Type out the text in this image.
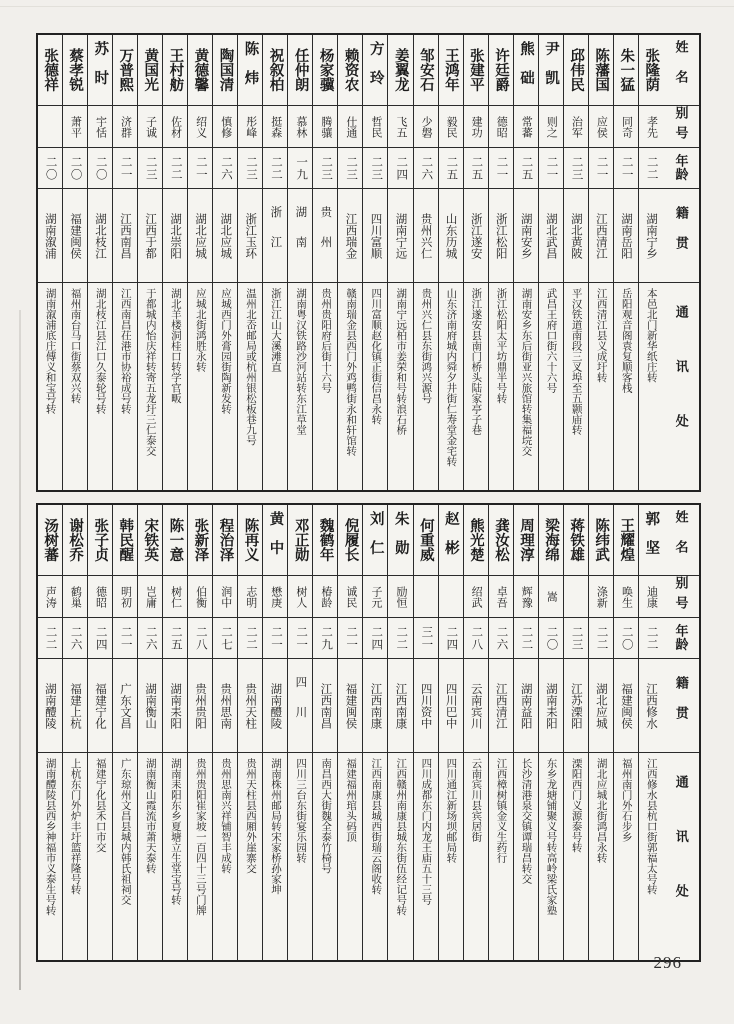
姓名
别号
年龄
籍贯
通讯处
张隆荫
孝先
二二
湖南宁乡
本邑北门新华纸庄转
朱一猛
同奇
二一
湖南岳阳
岳阳观音阁袁复顺客栈
陈藩国
应侯
二一
江西清江
江西清江县义成圩转
邱伟民
治军
二三
湖北黄陂
平汉铁道南段三叉埠至五颢庙转
尹凯
则之
二一
湖北武昌
武昌王府口街六十六号
熊础
常蕃
二五
湖南安乡
湖南安乡东后街亚兴旅馆转集福垸交
许廷爵
德昭
二一
浙江松阳
浙江松阳太平坊鼎半号转
张建平
建功
二五
浙江遂安
浙江遂安县南门桥头陆家亭子巷
王鸿年
毅民
二五
山东历城
山东济南府城内舜夕井街仁寿堂金宅转
邹安石
少磐
二六
贵州兴仁
贵州兴仁县东街鸿兴源号
姜翼龙
飞五
二四
湖南宁远
湖南宁远柏市姜荣和号转浪石桥
方玲
哲民
二三
四川富顺
四川富顺赵化镇正街信昌永转
赖资农
仕通
二三
江西瑞金
赣南瑞金县西门外鸡鸭街永和轩馆转
杨家骥
腾骧
二三
贵州
贵州贵阳府后街十六号
任仲朗
慕林
一九
湖南
湖南粤汉铁路沙河站转东江草堂
祝叙柏
挺森
二二
浙江
浙江江山大溪滩直
陈炜
彤峰
二三
浙江玉环
温州北岙邮局或杭州银松板巷九号
陶国清
慎修
二六
湖北应城
应城西门外膏园街陶新发转
黄德馨
绍义
二一
湖北应城
应城北街鸿胜永转
王村舫
佐材
二二
湖北崇阳
湖北羊楼洞桂口转学官畈
黄国光
子诚
二三
江西于都
于都城内怡庆祥转寄五龙圩三仁泰交
万普熙
济群
二一
江西南昌
江西南昌茌港市协裕成号转
苏时
宇恬
二〇
湖北枝江
湖北枝江县江口久泰轮号转
蔡孝锐
萧平
二〇
福建闽侯
福州南台马口街蔡双兴转
张德祥
二〇
湖南溆浦
湖南溆浦底庄傅义和宝号转
姓名
别号
年龄
籍贯
通讯处
郭坚
迪康
二二
江西修水
江西修水县杭口街郭福太号转
王耀煌
唤生
二〇
福建闽侯
福州南门外石步乡
陈纬武
涤新
二二
湖北应城
湖北应城北街鸿昌永转
蒋铁雄
二三
江苏溧阳
溧阳西门义源泰号转
梁海绵
嵩
二〇
湖南耒阳
东乡龙塘铺聚义号转高岭梁氏家塾
周理淳
辉豫
二二
湖南益阳
长沙清港泉交镇谭瑞昌转交
龚汝松
卓吾
二六
江西清江
江西樟树镇金义生药行
熊光楚
绍武
二八
云南宾川
云南宾川县宾居街
赵彬
二四
四川巴中
四川通江新场坝邮局转
何重威
三一
四川资中
四川成都东门内龙王庙五十三号
朱勋
励恒
二二
江西南康
江西赣州南康县城东街伍经记号转
刘仁
子元
二四
江西南康
江西南康县城西街瑞云阁收转
倪履长
诚民
二一
福建闽侯
福建福州琯头码顶
魏鹤年
椿龄
二九
江西南昌
南昌西大街魏全泰竹椅号
邓正勋
树人
二一
四川
四川三台东街宴乐园转
黄中
懋庚
二一
湖南醴陵
湖南株州邮局转宋家桥孙家坤
陈再义
志明
二二
贵州天柱
贵州天柱县西厢外崖寨交
程治泽
润中
二七
贵州思南
贵州思南兴祥铺智丰成转
张新泽
伯衡
二八
贵州贵阳
贵州贵阳崔家坡一百四十三号门牌
陈一意
树仁
二五
湖南耒阳
湖南耒阳东乡夏塘立生堂宝号转
宋铁英
岂庸
二六
湖南衡山
湖南衡山霞流市萧天泰转
韩民醒
明初
二一
广东文昌
广东琼州文昌县城内韩氏祖祠交
张子贞
德昭
二四
福建宁化
福建宁化县禾口市交
谢松乔
鹤巢
二六
福建上杭
上杭东门外炉丰圩篮祥隆号转
汤树蕃
声涛
二二
湖南醴陵
湖南醴陵县西乡神福市义泰生号转
296
